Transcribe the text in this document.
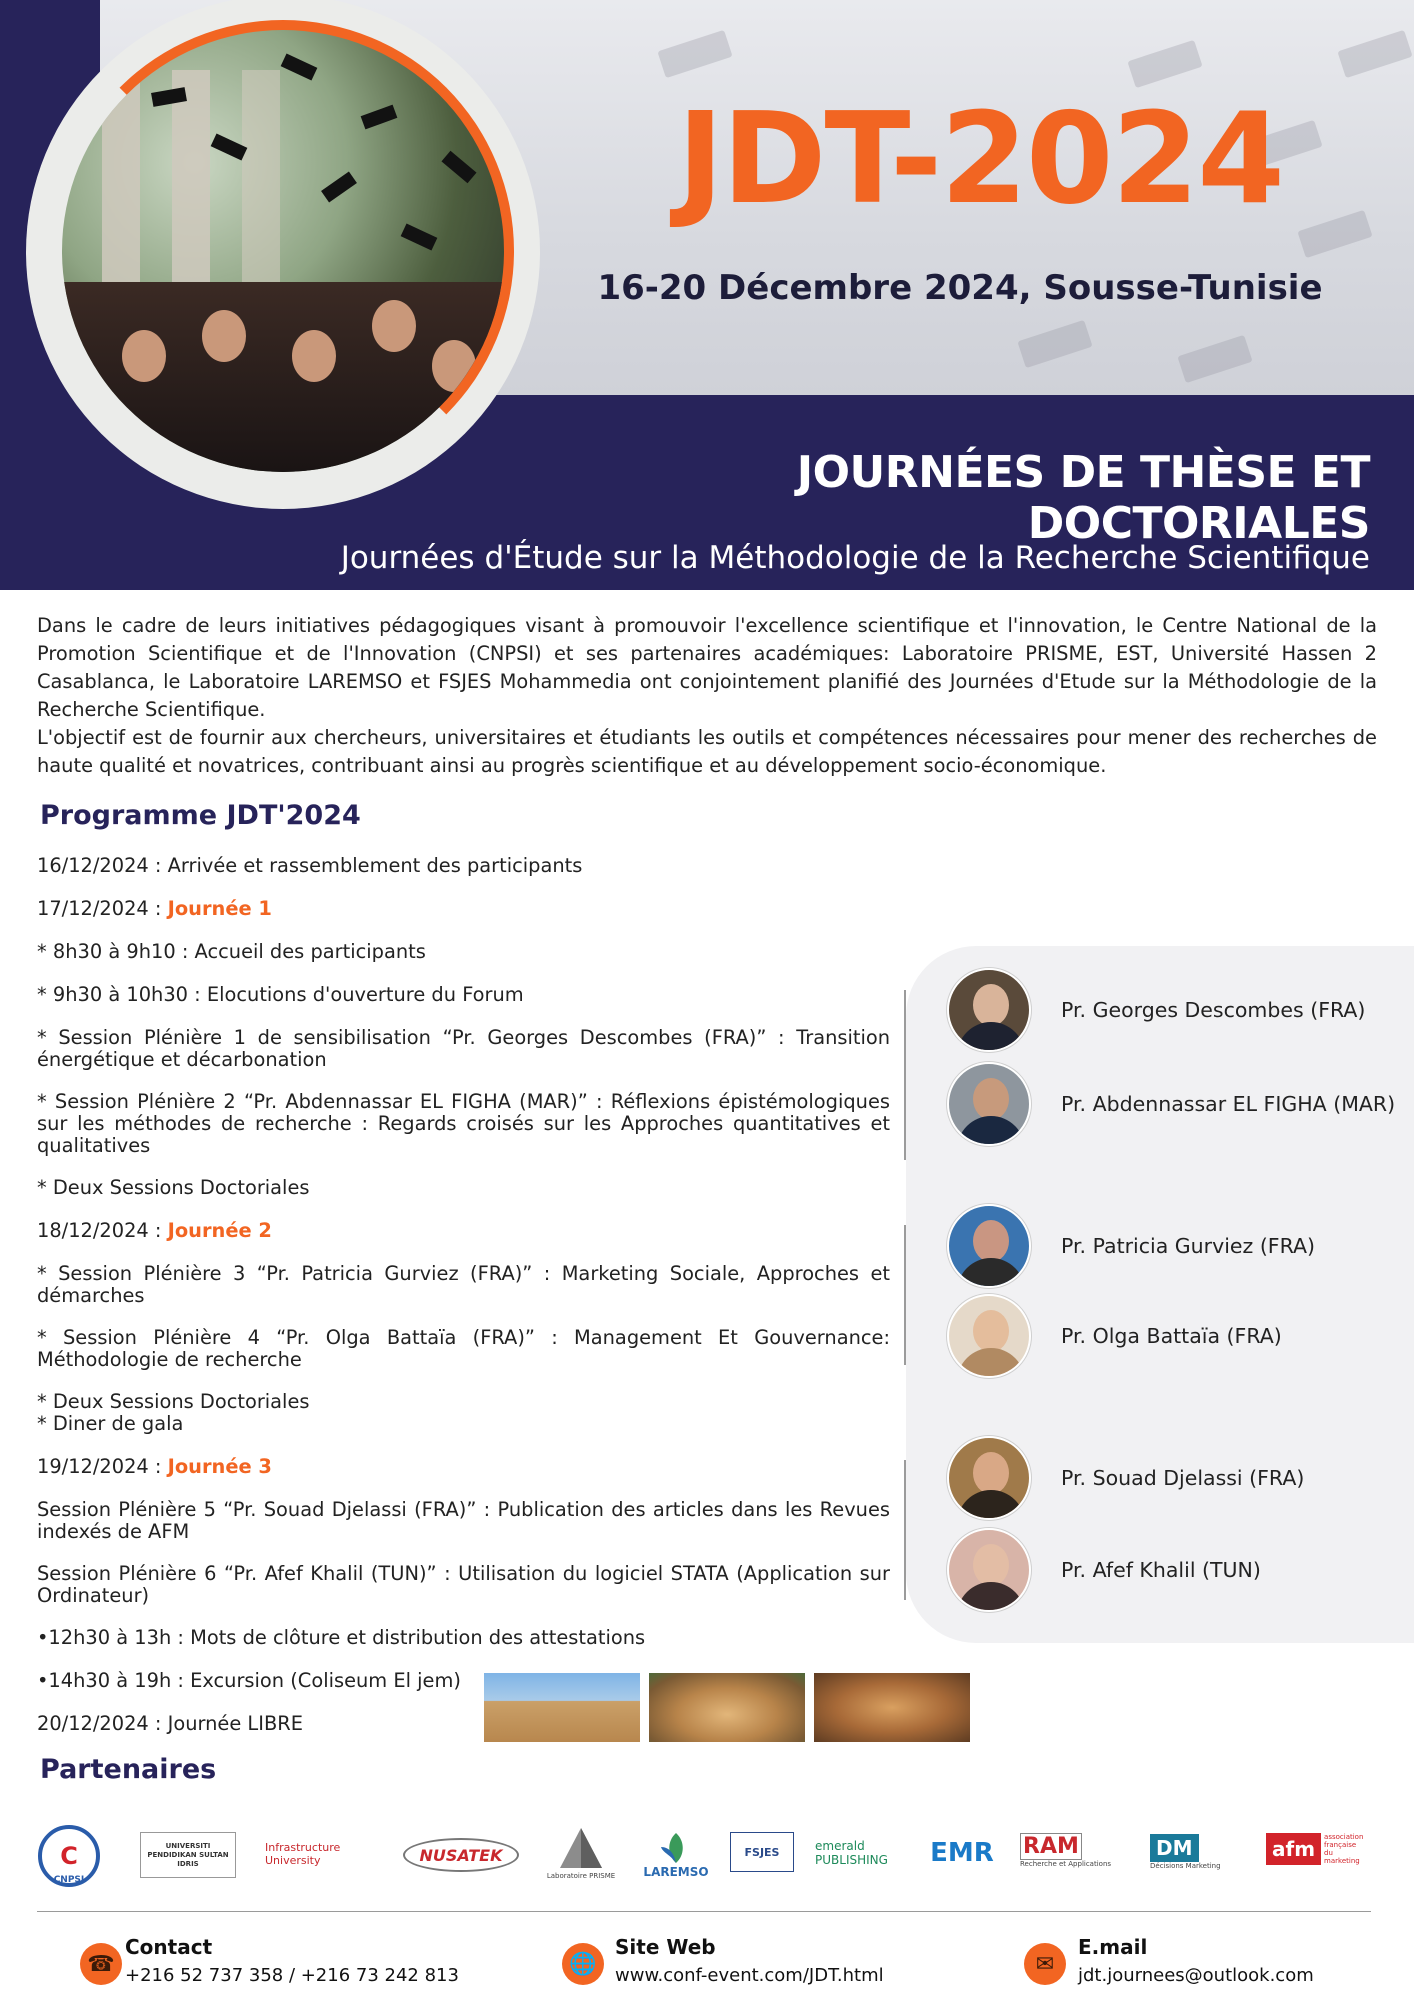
JDT-2024
16-20 Décembre 2024, Sousse-Tunisie
JOURNÉES DE THÈSE ET DOCTORIALES
Journées d'Étude sur la Méthodologie de la Recherche Scientifique

Dans le cadre de leurs initiatives pédagogiques visant à promouvoir l'excellence scientifique et l'innovation, le Centre National de la Promotion Scientifique et de l'Innovation (CNPSI) et ses partenaires académiques: Laboratoire PRISME, EST, Université Hassen 2 Casablanca, le Laboratoire LAREMSO et FSJES Mohammedia ont conjointement planifié des Journées d'Etude sur la Méthodologie de la Recherche Scientifique.

L'objectif est de fournir aux chercheurs, universitaires et étudiants les outils et compétences nécessaires pour mener des recherches de haute qualité et novatrices, contribuant ainsi au progrès scientifique et au développement socio-économique.

Programme JDT'2024
16/12/2024 : Arrivée et rassemblement des participants
17/12/2024 : Journée 1
* 8h30 à 9h10 : Accueil des participants
* 9h30 à 10h30 : Elocutions d'ouverture du Forum
* Session Plénière 1 de sensibilisation “Pr. Georges Descombes (FRA)” : Transition énergétique et décarbonation
* Session Plénière 2 “Pr. Abdennassar EL FIGHA (MAR)” : Réflexions épistémologiques sur les méthodes de recherche : Regards croisés sur les Approches quantitatives et qualitatives
* Deux Sessions Doctoriales
18/12/2024 : Journée 2
* Session Plénière 3 “Pr. Patricia Gurviez (FRA)” : Marketing Sociale, Approches et démarches
* Session Plénière 4 “Pr. Olga Battaïa (FRA)” : Management Et Gouvernance: Méthodologie de recherche
* Deux Sessions Doctoriales
* Diner de gala
19/12/2024 : Journée 3
Session Plénière 5 “Pr. Souad Djelassi (FRA)” : Publication des articles dans les Revues indexés de AFM
Session Plénière 6 “Pr. Afef Khalil (TUN)” : Utilisation du logiciel STATA (Application sur Ordinateur)
•12h30 à 13h : Mots de clôture et distribution des attestations
•14h30 à 19h : Excursion (Coliseum El jem)
20/12/2024 : Journée LIBRE
Pr. Georges Descombes (FRA)
Pr. Abdennassar EL FIGHA (MAR)
Pr. Patricia Gurviez (FRA)
Pr. Olga Battaïa (FRA)
Pr. Souad Djelassi (FRA)
Pr. Afef Khalil (TUN)
Partenaires
CNPSI
C	UNIVERSITI PENDIDIKAN SULTAN IDRIS
Infrastructure University	NUSATEK
Laboratoire PRISME LAREMSO
FSJES	emerald PUBLISHING	EMR RAM
Recherche et Applications
DM
Décisions Marketing
afm	association française du marketing
☎
Contact
+216 52 737 358 / +216 73 242 813	🌐
Site Web
www.conf-event.com/JDT.html	✉
E.mail
jdt.journees@outlook.com
